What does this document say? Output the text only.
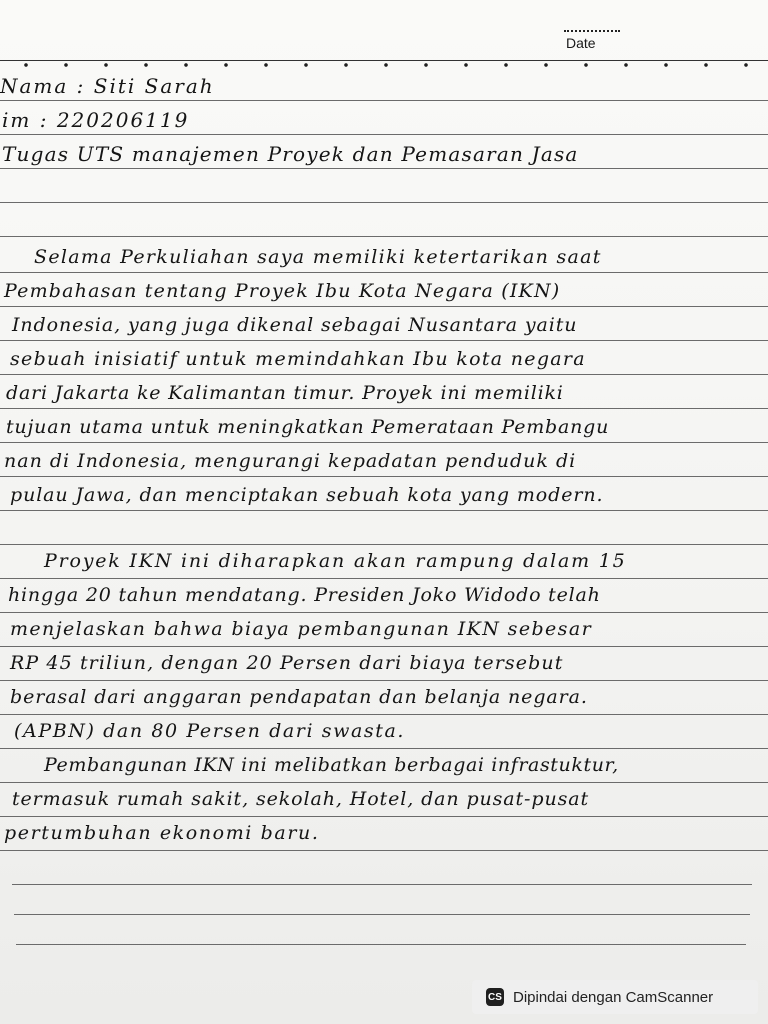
Date
Nama : Siti Sarah
im : 220206119
Tugas UTS manajemen Proyek dan Pemasaran Jasa
Selama Perkuliahan saya memiliki ketertarikan saat
Pembahasan tentang Proyek Ibu Kota Negara (IKN)
Indonesia, yang juga dikenal sebagai Nusantara yaitu
sebuah inisiatif untuk memindahkan Ibu kota negara
dari Jakarta ke Kalimantan timur. Proyek ini memiliki
tujuan utama untuk meningkatkan Pemerataan Pembangu
nan di Indonesia, mengurangi kepadatan penduduk di
pulau Jawa, dan menciptakan sebuah kota yang modern.
Proyek IKN ini diharapkan akan rampung dalam 15
hingga 20 tahun mendatang. Presiden Joko Widodo telah
menjelaskan bahwa biaya pembangunan IKN sebesar
RP 45 triliun, dengan 20 Persen dari biaya tersebut
berasal dari anggaran pendapatan dan belanja negara.
(APBN) dan 80 Persen dari swasta.
Pembangunan IKN ini melibatkan berbagai infrastuktur,
termasuk rumah sakit, sekolah, Hotel, dan pusat-pusat
pertumbuhan ekonomi baru.
CS Dipindai dengan CamScanner
